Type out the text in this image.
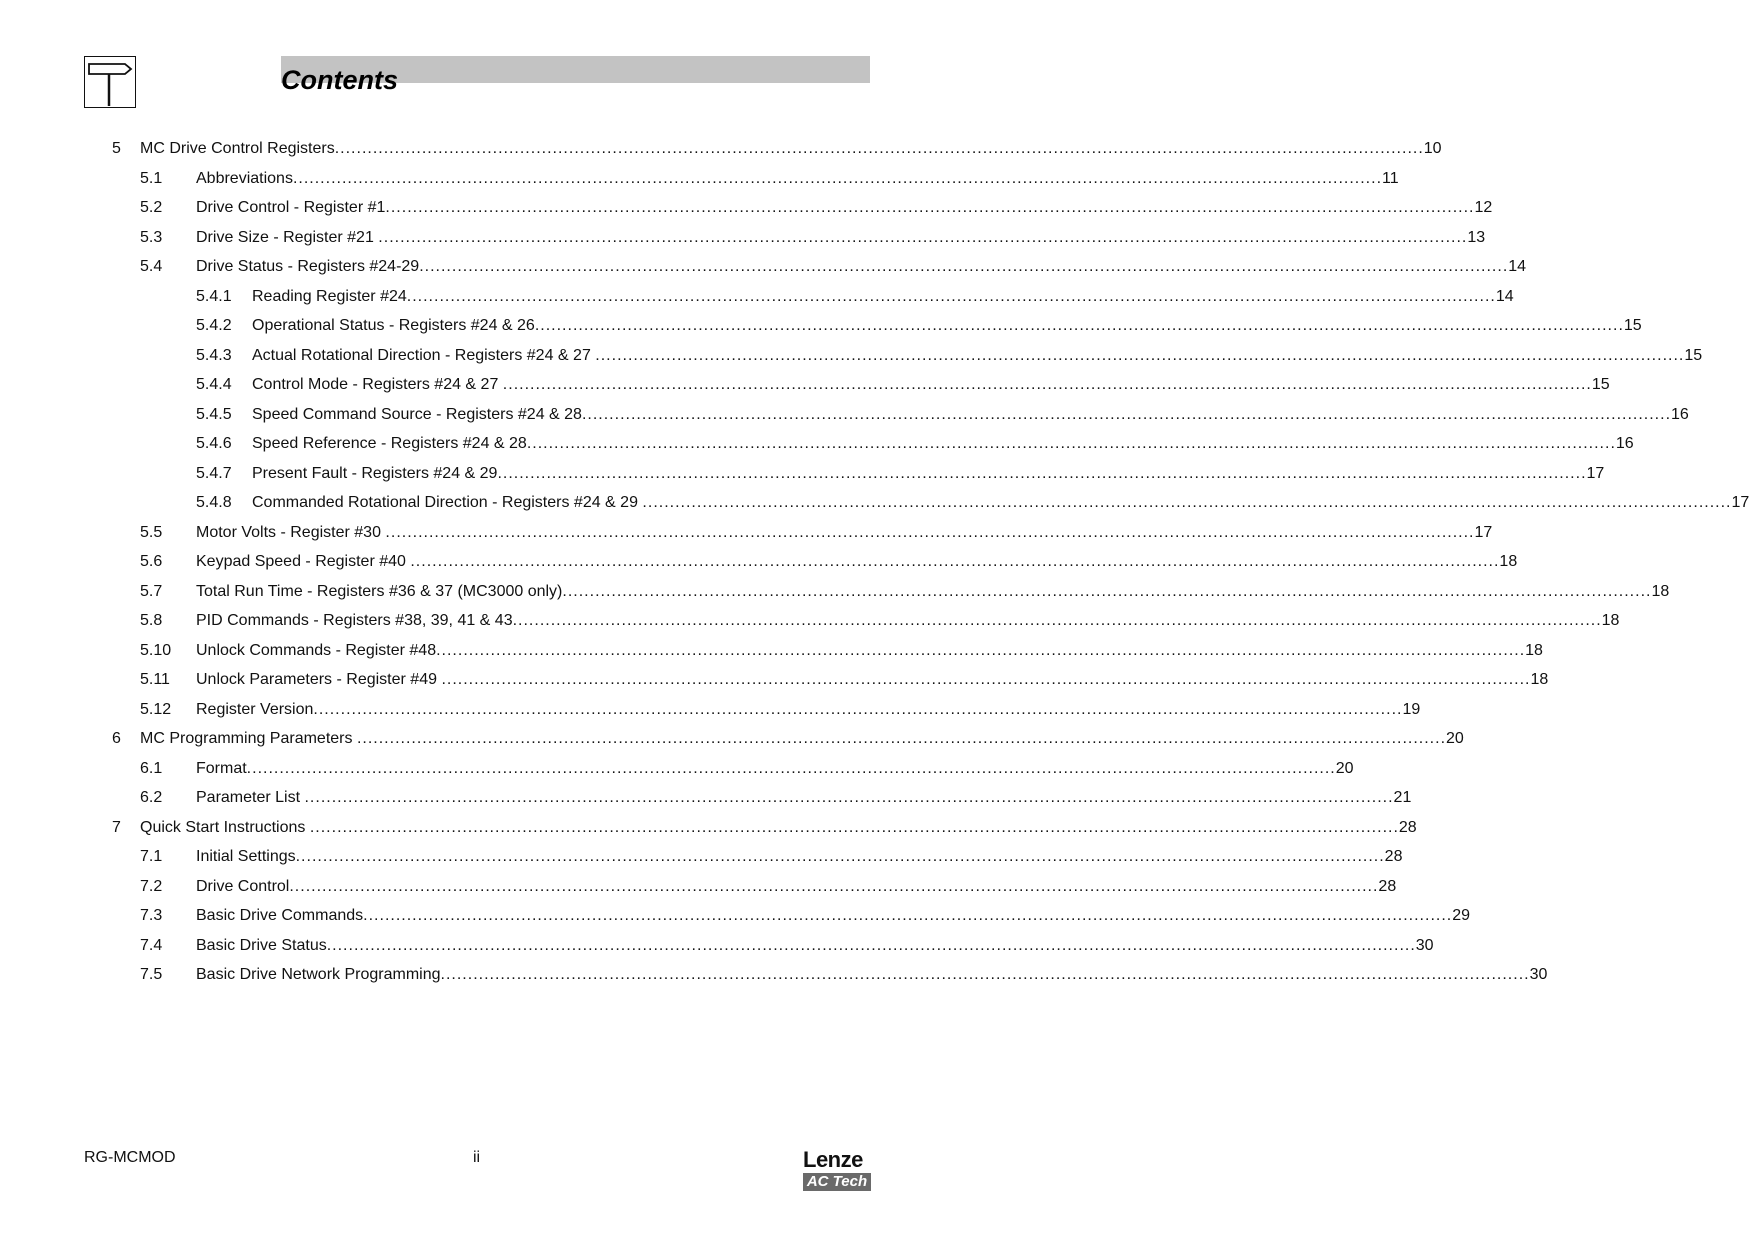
Contents
5 MC Drive Control Registers ........................................................................................................................................................................................................ 10
5.1 Abbreviations ........................................................................................................................................................................................................ 11
5.2 Drive Control - Register #1 ........................................................................................................................................................................................................ 12
5.3 Drive Size - Register #21 ........................................................................................................................................................................................................ 13
5.4 Drive Status - Registers #24-29 ........................................................................................................................................................................................................ 14
5.4.1 Reading Register #24 ........................................................................................................................................................................................................ 14
5.4.2 Operational Status - Registers #24 & 26 ........................................................................................................................................................................................................ 15
5.4.3 Actual Rotational Direction - Registers #24 & 27 ........................................................................................................................................................................................................ 15
5.4.4 Control Mode - Registers #24 & 27 ........................................................................................................................................................................................................ 15
5.4.5 Speed Command Source - Registers #24 & 28 ........................................................................................................................................................................................................ 16
5.4.6 Speed Reference - Registers #24 & 28 ........................................................................................................................................................................................................ 16
5.4.7 Present Fault - Registers #24 & 29 ........................................................................................................................................................................................................ 17
5.4.8 Commanded Rotational Direction - Registers #24 & 29 ........................................................................................................................................................................................................ 17
5.5 Motor Volts - Register #30 ........................................................................................................................................................................................................ 17
5.6 Keypad Speed - Register #40 ........................................................................................................................................................................................................ 18
5.7 Total Run Time - Registers #36 & 37 (MC3000 only) ........................................................................................................................................................................................................ 18
5.8 PID Commands - Registers #38, 39, 41 & 43 ........................................................................................................................................................................................................ 18
5.10 Unlock Commands - Register #48 ........................................................................................................................................................................................................ 18
5.11 Unlock Parameters - Register #49 ........................................................................................................................................................................................................ 18
5.12 Register Version ........................................................................................................................................................................................................ 19
6 MC Programming Parameters ........................................................................................................................................................................................................ 20
6.1 Format ........................................................................................................................................................................................................ 20
6.2 Parameter List ........................................................................................................................................................................................................ 21
7 Quick Start Instructions ........................................................................................................................................................................................................ 28
7.1 Initial Settings ........................................................................................................................................................................................................ 28
7.2 Drive Control ........................................................................................................................................................................................................ 28
7.3 Basic Drive Commands ........................................................................................................................................................................................................ 29
7.4 Basic Drive Status ........................................................................................................................................................................................................ 30
7.5 Basic Drive Network Programming ........................................................................................................................................................................................................ 30
RG-MCMOD	ii	Lenze
AC Tech
